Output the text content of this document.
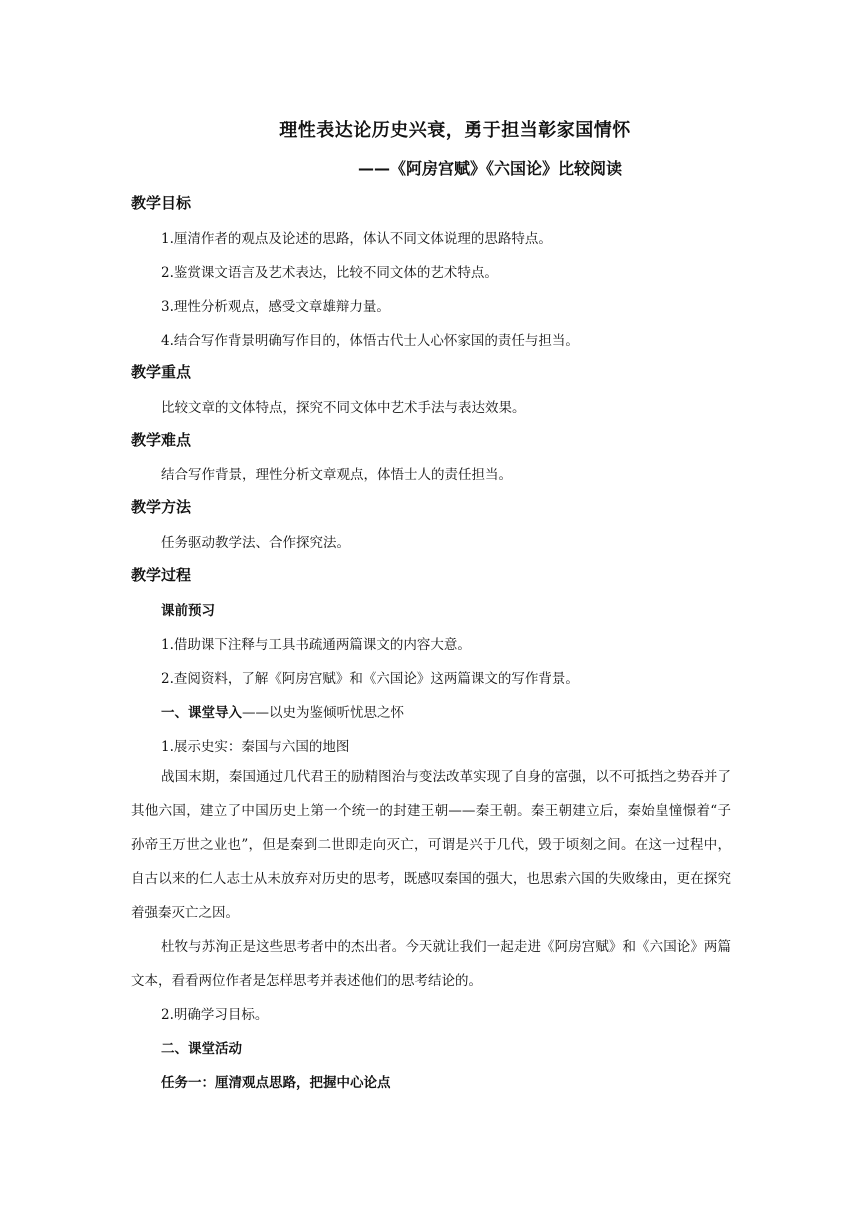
理性表达论历史兴衰，勇于担当彰家国情怀
——《阿房宫赋》《六国论》比较阅读
教学目标
1.厘清作者的观点及论述的思路，体认不同文体说理的思路特点。
2.鉴赏课文语言及艺术表达，比较不同文体的艺术特点。
3.理性分析观点，感受文章雄辩力量。
4.结合写作背景明确写作目的，体悟古代士人心怀家国的责任与担当。
教学重点
比较文章的文体特点，探究不同文体中艺术手法与表达效果。
教学难点
结合写作背景，理性分析文章观点，体悟士人的责任担当。
教学方法
任务驱动教学法、合作探究法。
教学过程
课前预习
1.借助课下注释与工具书疏通两篇课文的内容大意。
2.查阅资料，了解《阿房宫赋》和《六国论》这两篇课文的写作背景。
一、课堂导入——以史为鉴倾听忧思之怀
1.展示史实：秦国与六国的地图
战国末期，秦国通过几代君王的励精图治与变法改革实现了自身的富强，以不可抵挡之势吞并了其他六国，建立了中国历史上第一个统一的封建王朝——秦王朝。秦王朝建立后，秦始皇憧憬着“子孙帝王万世之业也”，但是秦到二世即走向灭亡，可谓是兴于几代，毁于顷刻之间。在这一过程中，自古以来的仁人志士从未放弃对历史的思考，既感叹秦国的强大，也思索六国的失败缘由，更在探究着强秦灭亡之因。
杜牧与苏洵正是这些思考者中的杰出者。今天就让我们一起走进《阿房宫赋》和《六国论》两篇文本，看看两位作者是怎样思考并表述他们的思考结论的。
2.明确学习目标。
二、课堂活动
任务一：厘清观点思路，把握中心论点
